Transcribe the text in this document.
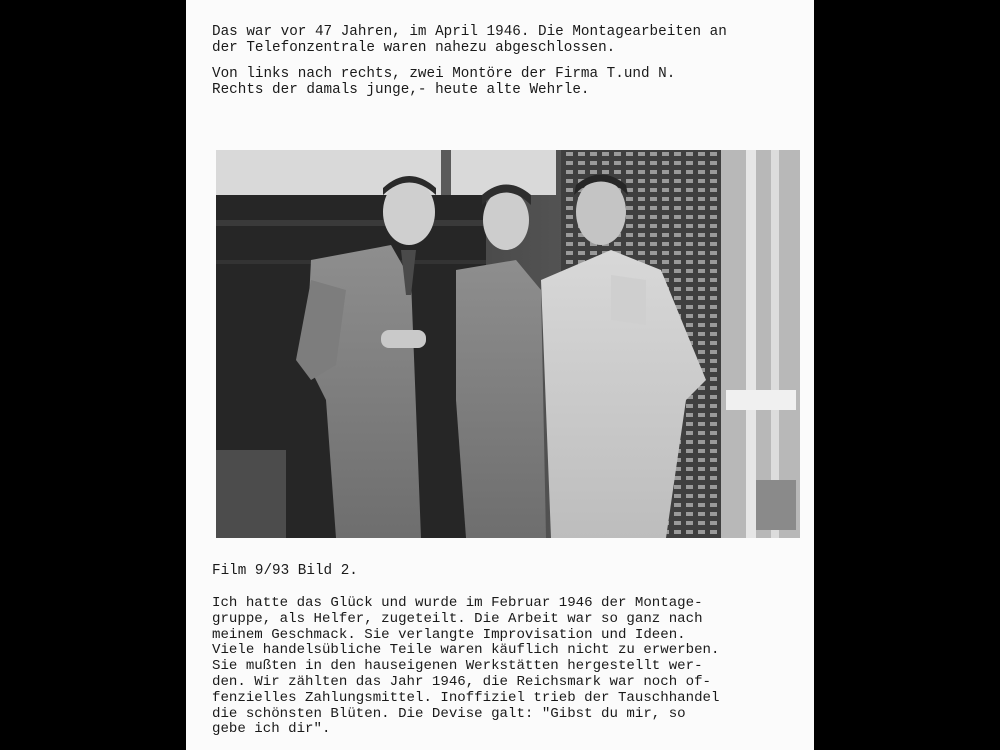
Das war vor 47 Jahren, im April 1946. Die Montagearbeiten an
der Telefonzentrale waren nahezu abgeschlossen.
Von links nach rechts, zwei Montöre der Firma T.und N.
Rechts der damals junge,- heute alte Wehrle.
Film 9/93 Bild 2.
Ich hatte das Glück und wurde im Februar 1946 der Montage-
gruppe, als Helfer, zugeteilt. Die Arbeit war so ganz nach
meinem Geschmack. Sie verlangte Improvisation und Ideen.
Viele handelsübliche Teile waren käuflich nicht zu erwerben.
Sie mußten in den hauseigenen Werkstätten hergestellt wer-
den. Wir zählten das Jahr 1946, die Reichsmark war noch of-
fenzielles Zahlungsmittel. Inoffiziel trieb der Tauschhandel
die schönsten Blüten. Die Devise galt: "Gibst du mir, so
gebe ich dir".
